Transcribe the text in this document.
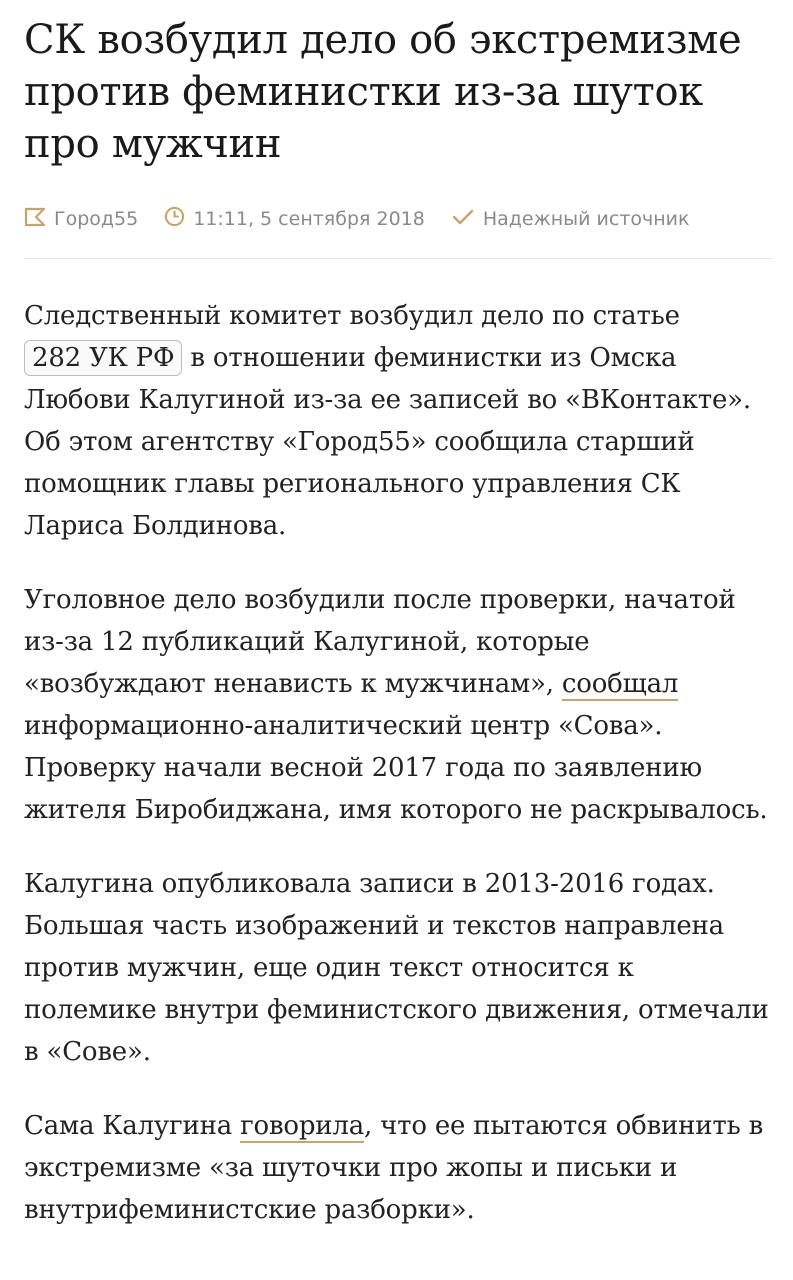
СК возбудил дело об экстремизме против феминистки из-за шуток про мужчин
Город55	11:11, 5 сентября 2018	Надежный источник

Следственный комитет возбудил дело по статье 282 УК РФ в отношении феминистки из Омска Любови Калугиной из-за ее записей во «ВКонтакте». Об этом агентству «Город55» сообщила старший помощник главы регионального управления СК Лариса Болдинова.

Уголовное дело возбудили после проверки, начатой из-за 12 публикаций Калугиной, которые «возбуждают ненависть к мужчинам», сообщал информационно-аналитический центр «Сова». Проверку начали весной 2017 года по заявлению жителя Биробиджана, имя которого не раскрывалось.

Калугина опубликовала записи в 2013-2016 годах. Большая часть изображений и текстов направлена против мужчин, еще один текст относится к полемике внутри феминистского движения, отмечали в «Сове».

Сама Калугина говорила, что ее пытаются обвинить в экстремизме «за шуточки про жопы и письки и внутрифеминистские разборки».
